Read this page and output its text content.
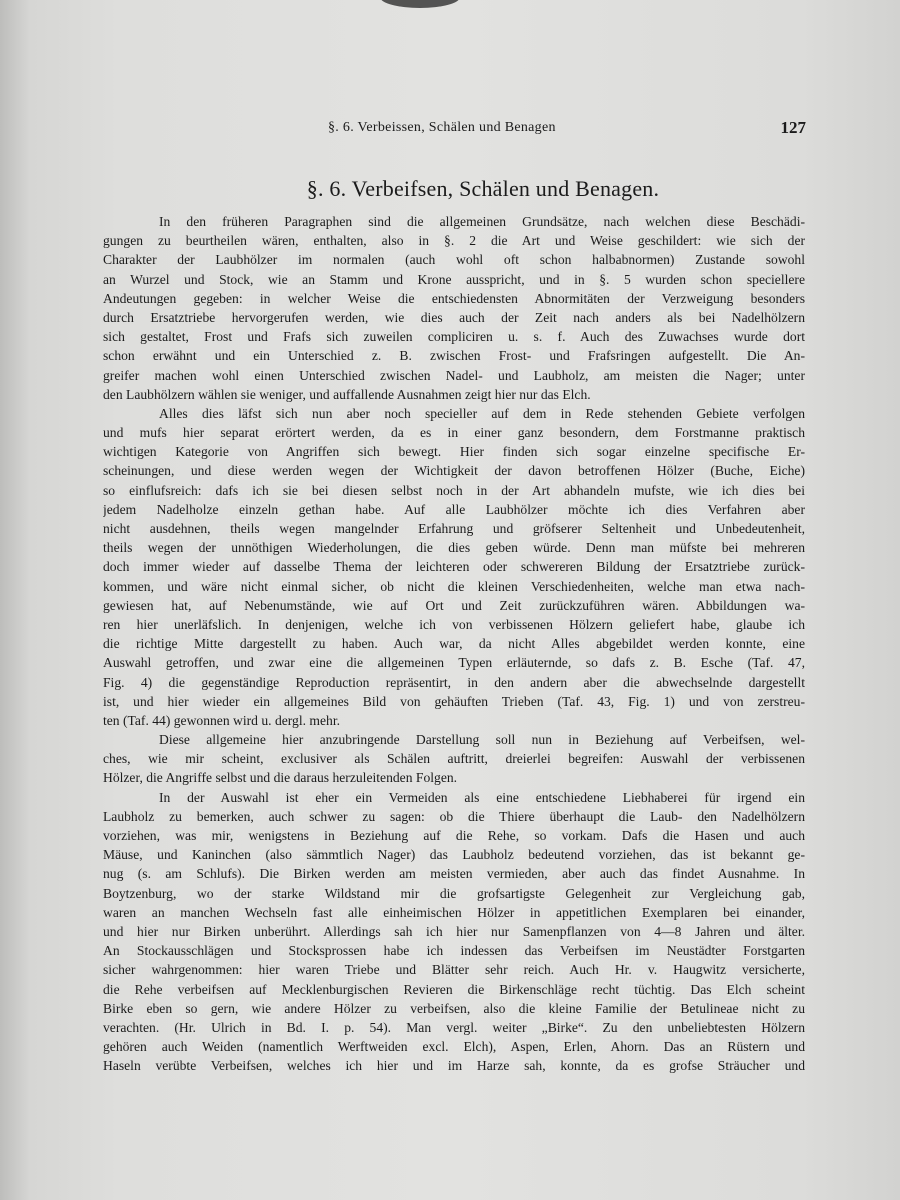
§. 6. Verbeissen, Schälen und Benagen	127
§. 6. Verbeifsen, Schälen und Benagen.
In den früheren Paragraphen sind die allgemeinen Grundsätze, nach welchen diese Beschädi-
gungen zu beurtheilen wären, enthalten, also in §. 2 die Art und Weise geschildert: wie sich der
Charakter der Laubhölzer im normalen (auch wohl oft schon halbabnormen) Zustande sowohl
an Wurzel und Stock, wie an Stamm und Krone ausspricht, und in §. 5 wurden schon speciellere
Andeutungen gegeben: in welcher Weise die entschiedensten Abnormitäten der Verzweigung besonders
durch Ersatztriebe hervorgerufen werden, wie dies auch der Zeit nach anders als bei Nadelhölzern
sich gestaltet, Frost und Frafs sich zuweilen compliciren u. s. f. Auch des Zuwachses wurde dort
schon erwähnt und ein Unterschied z. B. zwischen Frost- und Frafsringen aufgestellt. Die An-
greifer machen wohl einen Unterschied zwischen Nadel- und Laubholz, am meisten die Nager; unter
den Laubhölzern wählen sie weniger, und auffallende Ausnahmen zeigt hier nur das Elch.
Alles dies läfst sich nun aber noch specieller auf dem in Rede stehenden Gebiete verfolgen
und mufs hier separat erörtert werden, da es in einer ganz besondern, dem Forstmanne praktisch
wichtigen Kategorie von Angriffen sich bewegt. Hier finden sich sogar einzelne specifische Er-
scheinungen, und diese werden wegen der Wichtigkeit der davon betroffenen Hölzer (Buche, Eiche)
so einflufsreich: dafs ich sie bei diesen selbst noch in der Art abhandeln mufste, wie ich dies bei
jedem Nadelholze einzeln gethan habe. Auf alle Laubhölzer möchte ich dies Verfahren aber
nicht ausdehnen, theils wegen mangelnder Erfahrung und gröfserer Seltenheit und Unbedeutenheit,
theils wegen der unnöthigen Wiederholungen, die dies geben würde. Denn man müfste bei mehreren
doch immer wieder auf dasselbe Thema der leichteren oder schwereren Bildung der Ersatztriebe zurück-
kommen, und wäre nicht einmal sicher, ob nicht die kleinen Verschiedenheiten, welche man etwa nach-
gewiesen hat, auf Nebenumstände, wie auf Ort und Zeit zurückzuführen wären. Abbildungen wa-
ren hier unerläfslich. In denjenigen, welche ich von verbissenen Hölzern geliefert habe, glaube ich
die richtige Mitte dargestellt zu haben. Auch war, da nicht Alles abgebildet werden konnte, eine
Auswahl getroffen, und zwar eine die allgemeinen Typen erläuternde, so dafs z. B. Esche (Taf. 47,
Fig. 4) die gegenständige Reproduction repräsentirt, in den andern aber die abwechselnde dargestellt
ist, und hier wieder ein allgemeines Bild von gehäuften Trieben (Taf. 43, Fig. 1) und von zerstreu-
ten (Taf. 44) gewonnen wird u. dergl. mehr.
Diese allgemeine hier anzubringende Darstellung soll nun in Beziehung auf Verbeifsen, wel-
ches, wie mir scheint, exclusiver als Schälen auftritt, dreierlei begreifen: Auswahl der verbissenen
Hölzer, die Angriffe selbst und die daraus herzuleitenden Folgen.
In der Auswahl ist eher ein Vermeiden als eine entschiedene Liebhaberei für irgend ein
Laubholz zu bemerken, auch schwer zu sagen: ob die Thiere überhaupt die Laub- den Nadelhölzern
vorziehen, was mir, wenigstens in Beziehung auf die Rehe, so vorkam. Dafs die Hasen und auch
Mäuse, und Kaninchen (also sämmtlich Nager) das Laubholz bedeutend vorziehen, das ist bekannt ge-
nug (s. am Schlufs). Die Birken werden am meisten vermieden, aber auch das findet Ausnahme. In
Boytzenburg, wo der starke Wildstand mir die grofsartigste Gelegenheit zur Vergleichung gab,
waren an manchen Wechseln fast alle einheimischen Hölzer in appetitlichen Exemplaren bei einander,
und hier nur Birken unberührt. Allerdings sah ich hier nur Samenpflanzen von 4—8 Jahren und älter.
An Stockausschlägen und Stocksprossen habe ich indessen das Verbeifsen im Neustädter Forstgarten
sicher wahrgenommen: hier waren Triebe und Blätter sehr reich. Auch Hr. v. Haugwitz versicherte,
die Rehe verbeifsen auf Mecklenburgischen Revieren die Birkenschläge recht tüchtig. Das Elch scheint
Birke eben so gern, wie andere Hölzer zu verbeifsen, also die kleine Familie der Betulineae nicht zu
verachten. (Hr. Ulrich in Bd. I. p. 54). Man vergl. weiter „Birke“. Zu den unbeliebtesten Hölzern
gehören auch Weiden (namentlich Werftweiden excl. Elch), Aspen, Erlen, Ahorn. Das an Rüstern und
Haseln verübte Verbeifsen, welches ich hier und im Harze sah, konnte, da es grofse Sträucher und
